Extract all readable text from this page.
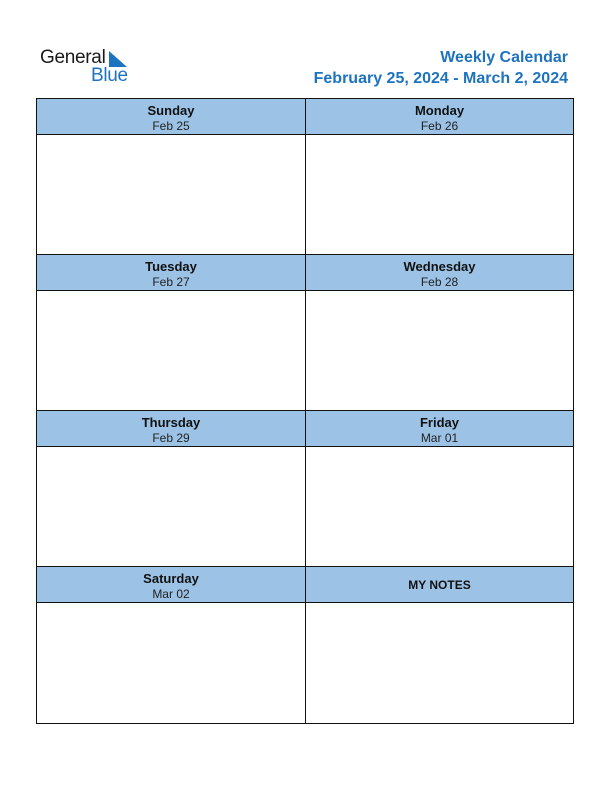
General
Blue
Weekly Calendar
February 25, 2024 - March 2, 2024
Sunday
Feb 25
Monday
Feb 26
Tuesday
Feb 27
Wednesday
Feb 28
Thursday
Feb 29
Friday
Mar 01
Saturday
Mar 02
MY NOTES
